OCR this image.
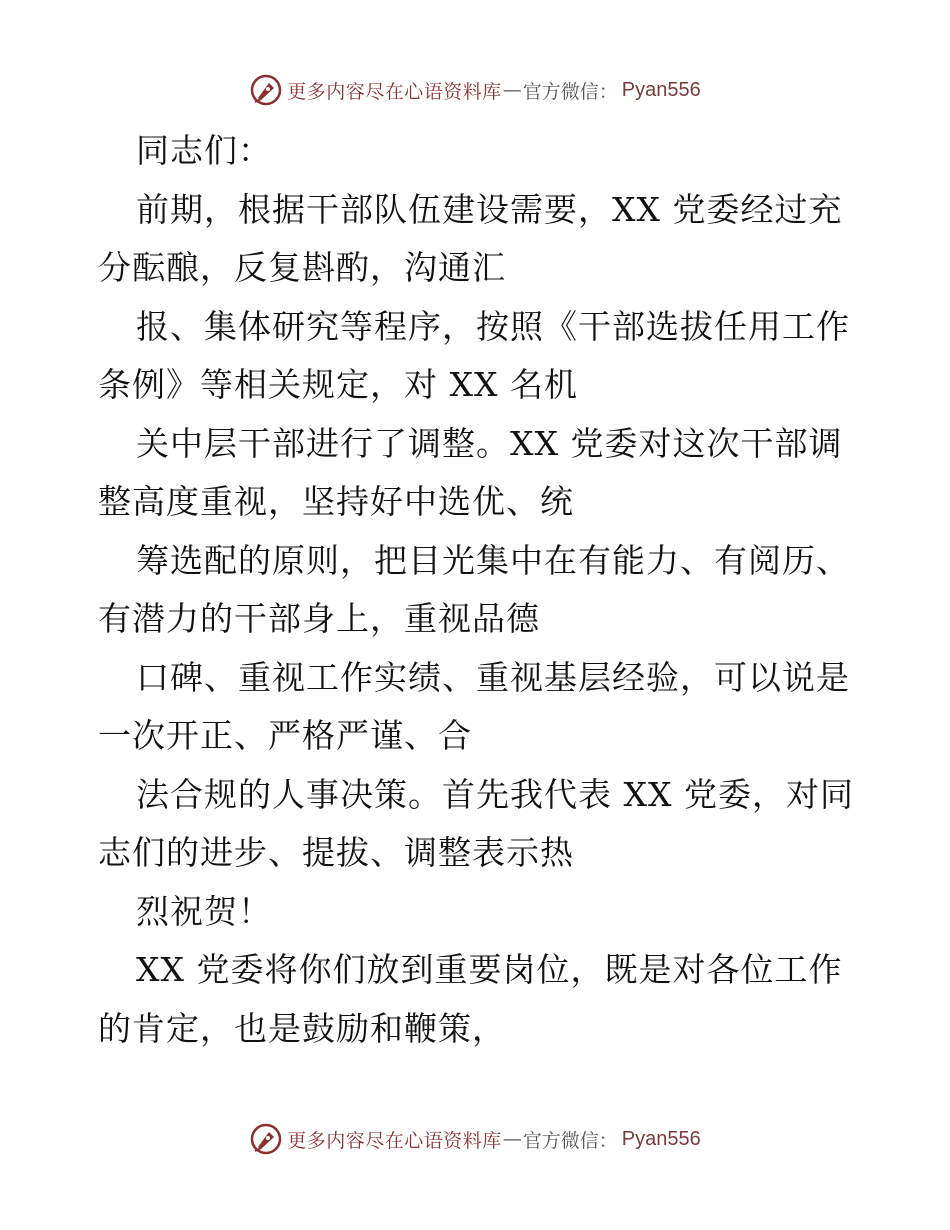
更多内容尽在心语资料库 — 官方微信： Pyan556
同志们：
前期，根据干部队伍建设需要，XX 党委经过充
分酝酿，反复斟酌，沟通汇
报、集体研究等程序，按照《干部选拔任用工作
条例》等相关规定，对 XX 名机
关中层干部进行了调整。XX 党委对这次干部调
整高度重视，坚持好中选优、统
筹选配的原则，把目光集中在有能力、有阅历、
有潜力的干部身上，重视品德
口碑、重视工作实绩、重视基层经验，可以说是
一次开正、严格严谨、合
法合规的人事决策。首先我代表 XX 党委，对同
志们的进步、提拔、调整表示热
烈祝贺！
XX 党委将你们放到重要岗位，既是对各位工作
的肯定，也是鼓励和鞭策，
更多内容尽在心语资料库 — 官方微信： Pyan556
